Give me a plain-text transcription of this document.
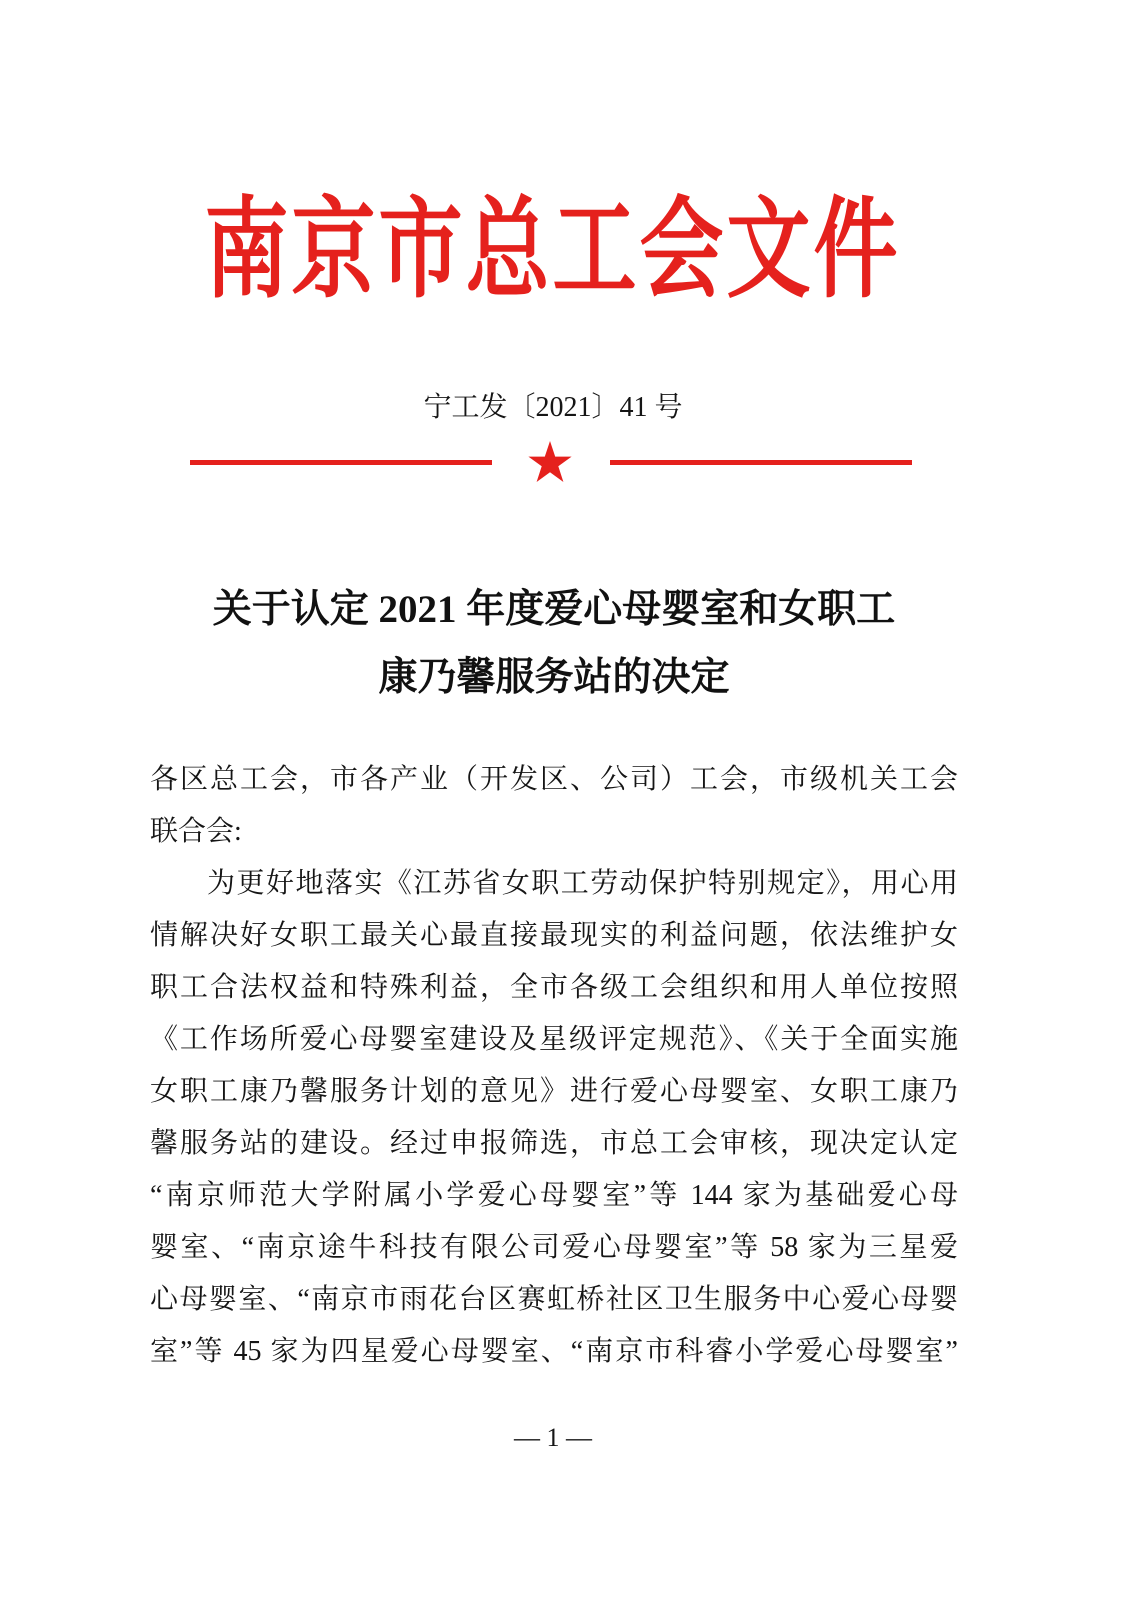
南京市总工会文件
宁工发〔2021〕41 号
关于认定 2021 年度爱心母婴室和女职工
康乃馨服务站的决定
各区总工会，市各产业（开发区、公司）工会，市级机关工会
联合会:
为更好地落实《江苏省女职工劳动保护特别规定》，用心用
情解决好女职工最关心最直接最现实的利益问题，依法维护女
职工合法权益和特殊利益，全市各级工会组织和用人单位按照
《工作场所爱心母婴室建设及星级评定规范》、《关于全面实施
女职工康乃馨服务计划的意见》进行爱心母婴室、女职工康乃
馨服务站的建设。经过申报筛选，市总工会审核，现决定认定
“南京师范大学附属小学爱心母婴室”等 144 家为基础爱心母
婴室、“南京途牛科技有限公司爱心母婴室”等 58 家为三星爱
心母婴室、“南京市雨花台区赛虹桥社区卫生服务中心爱心母婴
室”等 45 家为四星爱心母婴室、“南京市科睿小学爱心母婴室”
— 1 —
